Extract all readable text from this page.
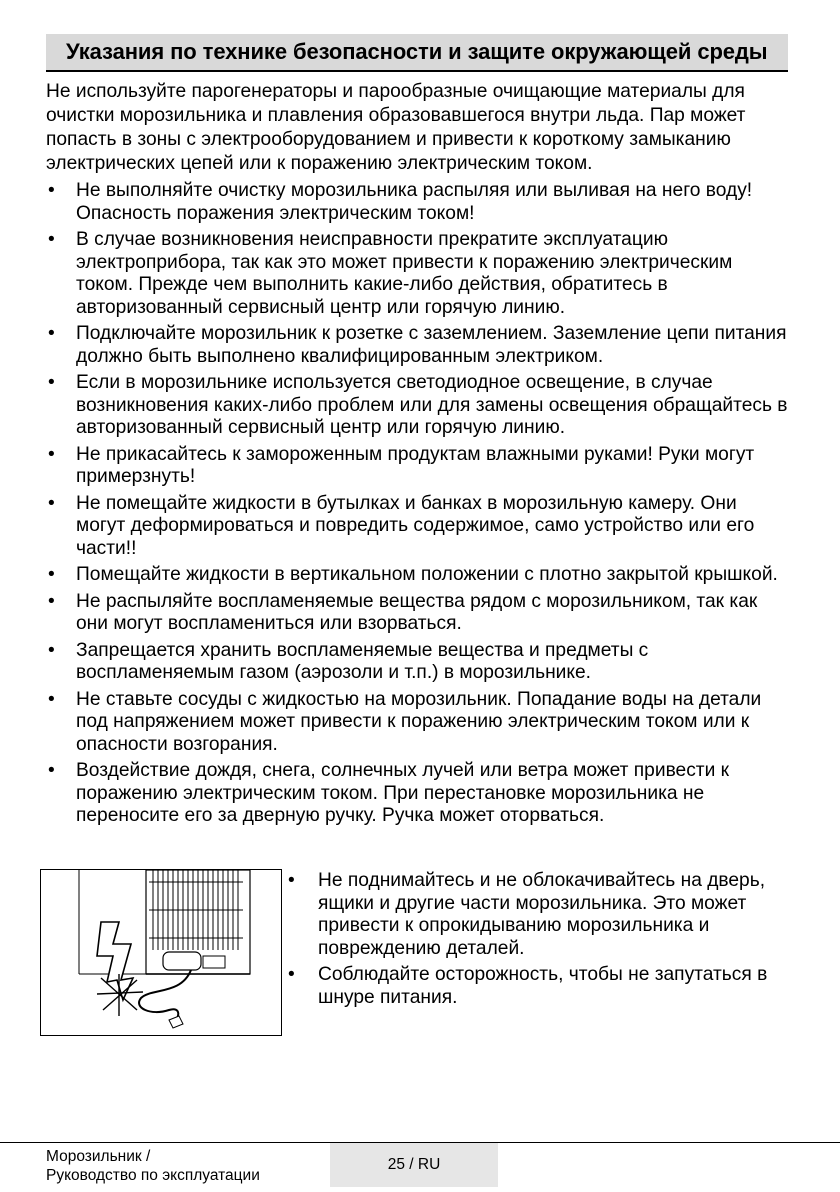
Указания по технике безопасности и защите окружающей среды

Не используйте парогенераторы и парообразные очищающие материалы для очистки морозильника и плавления образовавшегося внутри льда. Пар может попасть в зоны с электрооборудованием и привести к короткому замыканию электрических цепей или к поражению электрическим током.

• Не выполняйте очистку морозильника распыляя или выливая на него воду! Опасность поражения электрическим током!
• В случае возникновения неисправности прекратите эксплуатацию электроприбора, так как это может привести к поражению электрическим током. Прежде чем выполнить какие-либо действия, обратитесь в авторизованный сервисный центр или горячую линию.
• Подключайте морозильник к розетке с заземлением. Заземление цепи питания должно быть выполнено квалифицированным электриком.
• Если в морозильнике используется светодиодное освещение, в случае возникновения каких-либо проблем или для замены освещения обращайтесь в авторизованный сервисный центр или горячую линию.
• Не прикасайтесь к замороженным продуктам влажными руками! Руки могут примерзнуть!
• Не помещайте жидкости в бутылках и банках в морозильную камеру. Они могут деформироваться и повредить содержимое, само устройство или его части!!
• Помещайте жидкости в вертикальном положении с плотно закрытой крышкой.
• Не распыляйте воспламеняемые вещества рядом с морозильником, так как они могут воспламениться или взорваться.
• Запрещается хранить воспламеняемые вещества и предметы с воспламеняемым газом (аэрозоли и т.п.) в морозильнике.
• Не ставьте сосуды с жидкостью на морозильник. Попадание воды на детали под напряжением может привести к поражению электрическим током или к опасности возгорания.
• Воздействие дождя, снега, солнечных лучей или ветра может привести к поражению электрическим током. При перестановке морозильника не переносите его за дверную ручку. Ручка может оторваться.
• Не поднимайтесь и не облокачивайтесь на дверь, ящики и другие части морозильника. Это может привести к опрокидыванию морозильника и повреждению деталей.
• Соблюдайте осторожность, чтобы не запутаться в шнуре питания.
Морозильник /
Руководство по эксплуатации
25 / RU
